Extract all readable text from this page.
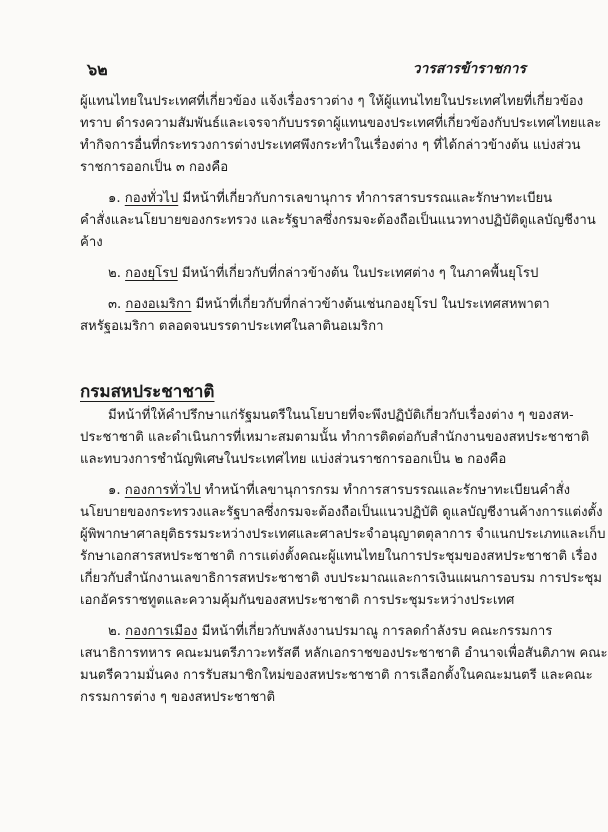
๖๒	วารสารข้าราชการ
ผู้แทนไทยในประเทศที่เกี่ยวข้อง แจ้งเรื่องราวต่าง ๆ ให้ผู้แทนไทยในประเทศไทยที่เกี่ยวข้อง
ทราบ ดำรงความสัมพันธ์และเจรจากับบรรดาผู้แทนของประเทศที่เกี่ยวข้องกับประเทศไทยและ
ทำกิจการอื่นที่กระทรวงการต่างประเทศพึงกระทำในเรื่องต่าง ๆ ที่ได้กล่าวข้างต้น แบ่งส่วน
ราชการออกเป็น ๓ กองคือ
๑. กองทั่วไป มีหน้าที่เกี่ยวกับการเลขานุการ ทำการสารบรรณและรักษาทะเบียน
คำสั่งและนโยบายของกระทรวง และรัฐบาลซึ่งกรมจะต้องถือเป็นแนวทางปฏิบัติดูแลบัญชีงาน
ค้าง
๒. กองยุโรป มีหน้าที่เกี่ยวกับที่กล่าวข้างต้น ในประเทศต่าง ๆ ในภาคพื้นยุโรป
๓. กองอเมริกา มีหน้าที่เกี่ยวกับที่กล่าวข้างต้นเช่นกองยุโรป ในประเทศสหพาตา
สหรัฐอเมริกา ตลอดจนบรรดาประเทศในลาตินอเมริกา
กรมสหประชาชาติ
มีหน้าที่ให้คำปรึกษาแก่รัฐมนตรีในนโยบายที่จะพึงปฏิบัติเกี่ยวกับเรื่องต่าง ๆ ของสห-
ประชาชาติ และดำเนินการที่เหมาะสมตามนั้น ทำการติดต่อกับสำนักงานของสหประชาชาติ
และทบวงการชำนัญพิเศษในประเทศไทย แบ่งส่วนราชการออกเป็น ๒ กองคือ
๑. กองการทั่วไป ทำหน้าที่เลขานุการกรม ทำการสารบรรณและรักษาทะเบียนคำสั่ง
นโยบายของกระทรวงและรัฐบาลซึ่งกรมจะต้องถือเป็นแนวปฏิบัติ ดูแลบัญชีงานค้างการแต่งตั้ง
ผู้พิพากษาศาลยุติธรรมระหว่างประเทศและศาลประจำอนุญาตตุลาการ จำแนกประเภทและเก็บ
รักษาเอกสารสหประชาชาติ การแต่งตั้งคณะผู้แทนไทยในการประชุมของสหประชาชาติ เรื่อง
เกี่ยวกับสำนักงานเลขาธิการสหประชาชาติ งบประมาณและการเงินแผนการอบรม การประชุม
เอกอัครราชทูตและความคุ้มกันของสหประชาชาติ การประชุมระหว่างประเทศ
๒. กองการเมือง มีหน้าที่เกี่ยวกับพลังงานปรมาณู การลดกำลังรบ คณะกรรมการ
เสนาธิการทหาร คณะมนตรีภาวะทรัสตี หลักเอกราชของประชาชาติ อำนาจเพื่อสันติภาพ คณะ
มนตรีความมั่นคง การรับสมาชิกใหม่ของสหประชาชาติ การเลือกตั้งในคณะมนตรี และคณะ
กรรมการต่าง ๆ ของสหประชาชาติ
